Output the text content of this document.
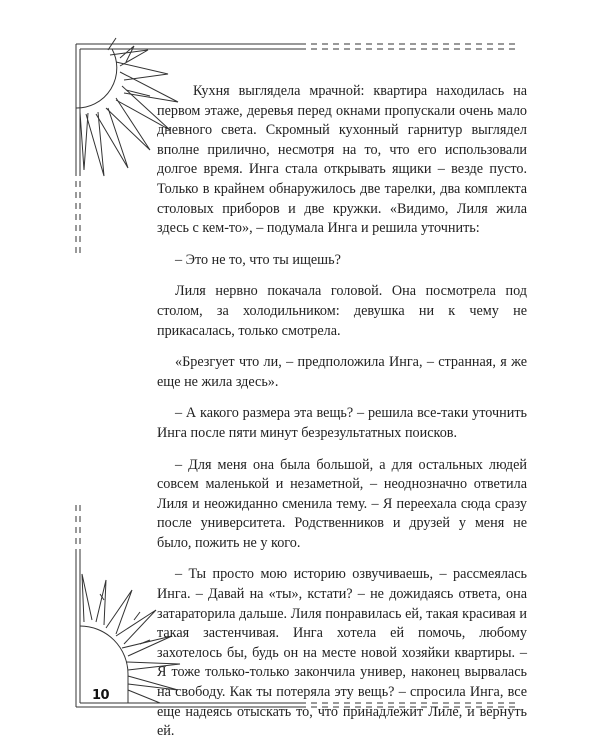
Кухня выглядела мрачной: квартира находилась на первом этаже, деревья перед окнами пропускали очень мало дневного света. Скромный кухонный гарнитур выглядел вполне прилично, несмотря на то, что его использовали долгое время. Инга стала открывать ящики – везде пусто. Только в крайнем обнаружилось две тарелки, два комплекта столовых приборов и две кружки. «Видимо, Лиля жила здесь с кем-то», – подумала Инга и решила уточнить:

– Это не то, что ты ищешь?

Лиля нервно покачала головой. Она посмотрела под столом, за холодильником: девушка ни к чему не прикасалась, только смотрела.

«Брезгует что ли, – предположила Инга, – странная, я же еще не жила здесь».

– А какого размера эта вещь? – решила все-таки уточнить Инга после пяти минут безрезультатных поисков.

– Для меня она была большой, а для остальных людей совсем маленькой и незаметной, – неоднозначно ответила Лиля и неожиданно сменила тему. – Я переехала сюда сразу после университета. Родственников и друзей у меня не было, пожить не у кого.

– Ты просто мою историю озвучиваешь, – рассмеялась Инга. – Давай на «ты», кстати? – не дожидаясь ответа, она затараторила дальше. Лиля понравилась ей, такая красивая и такая застенчивая. Инга хотела ей помочь, любому захотелось бы, будь он на месте новой хозяйки квартиры. – Я тоже только-только закончила универ, наконец вырвалась на свободу. Как ты потеряла эту вещь? – спросила Инга, все еще надеясь отыскать то, что принадлежит Лиле, и вернуть ей.

10
